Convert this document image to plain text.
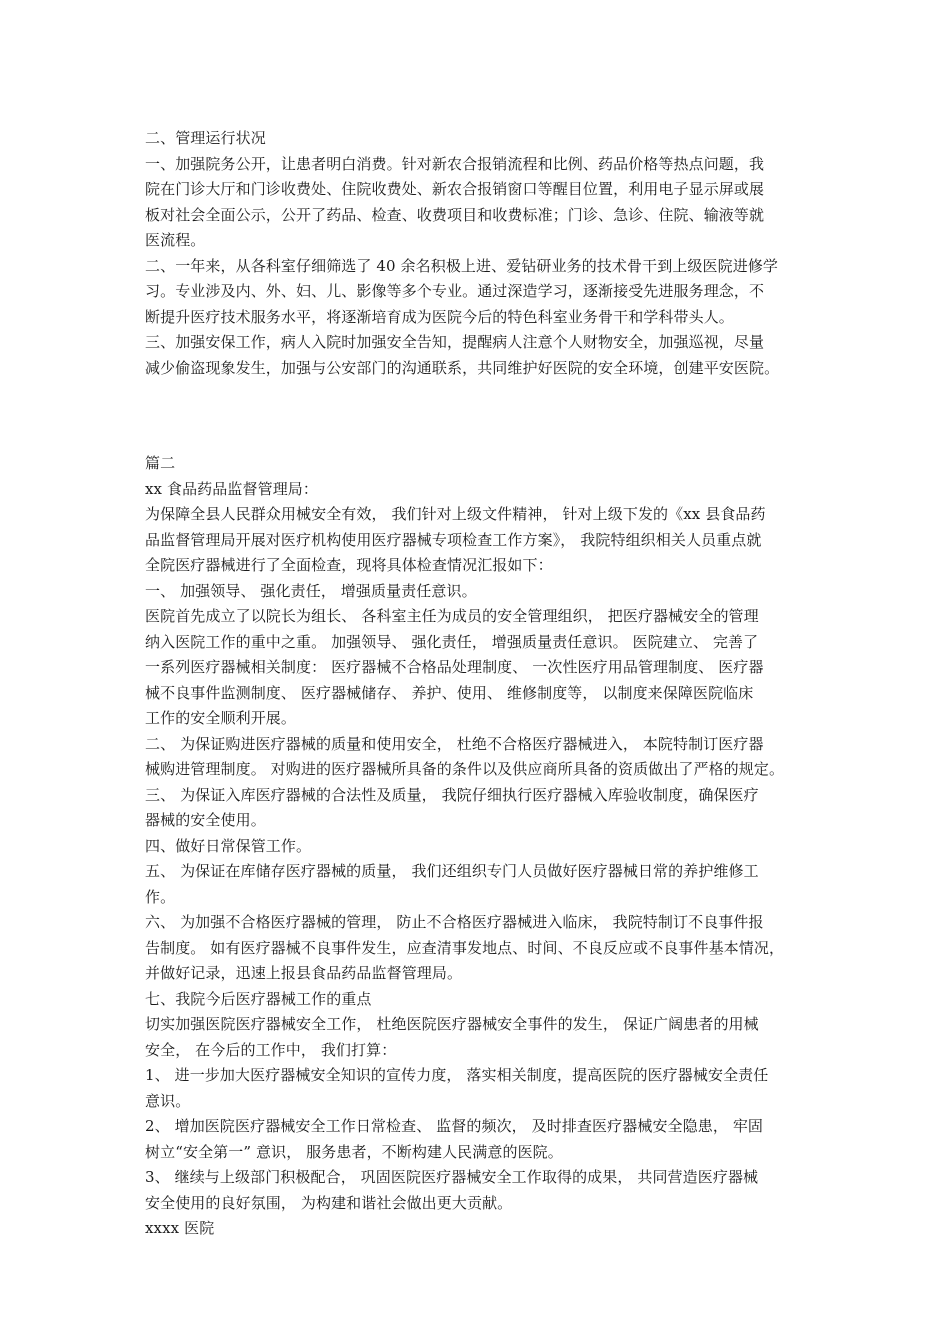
二、管理运行状况
一、加强院务公开，让患者明白消费。针对新农合报销流程和比例、药品价格等热点问题，我
院在门诊大厅和门诊收费处、住院收费处、新农合报销窗口等醒目位置，利用电子显示屏或展
板对社会全面公示，公开了药品、检查、收费项目和收费标准；门诊、急诊、住院、输液等就
医流程。
二、一年来，从各科室仔细筛选了 40 余名积极上进、爱钻研业务的技术骨干到上级医院进修学
习。专业涉及内、外、妇、儿、影像等多个专业。通过深造学习，逐渐接受先进服务理念，不
断提升医疗技术服务水平，将逐渐培育成为医院今后的特色科室业务骨干和学科带头人。
三、加强安保工作，病人入院时加强安全告知，提醒病人注意个人财物安全，加强巡视，尽量
减少偷盗现象发生，加强与公安部门的沟通联系，共同维护好医院的安全环境，创建平安医院。
篇二
xx 食品药品监督管理局：
为保障全县人民群众用械安全有效， 我们针对上级文件精神， 针对上级下发的《xx 县食品药
品监督管理局开展对医疗机构使用医疗器械专项检查工作方案》， 我院特组织相关人员重点就
全院医疗器械进行了全面检查，现将具体检查情况汇报如下：
一、 加强领导、 强化责任， 增强质量责任意识。
医院首先成立了以院长为组长、 各科室主任为成员的安全管理组织， 把医疗器械安全的管理
纳入医院工作的重中之重。 加强领导、 强化责任， 增强质量责任意识。 医院建立、 完善了
一系列医疗器械相关制度： 医疗器械不合格品处理制度、 一次性医疗用品管理制度、 医疗器
械不良事件监测制度、 医疗器械储存、 养护、使用、 维修制度等， 以制度来保障医院临床
工作的安全顺利开展。
二、 为保证购进医疗器械的质量和使用安全， 杜绝不合格医疗器械进入， 本院特制订医疗器
械购进管理制度。 对购进的医疗器械所具备的条件以及供应商所具备的资质做出了严格的规定。
三、 为保证入库医疗器械的合法性及质量， 我院仔细执行医疗器械入库验收制度，确保医疗
器械的安全使用。
四、做好日常保管工作。
五、 为保证在库储存医疗器械的质量， 我们还组织专门人员做好医疗器械日常的养护维修工
作。
六、 为加强不合格医疗器械的管理， 防止不合格医疗器械进入临床， 我院特制订不良事件报
告制度。 如有医疗器械不良事件发生，应查清事发地点、时间、不良反应或不良事件基本情况，
并做好记录，迅速上报县食品药品监督管理局。
七、我院今后医疗器械工作的重点
切实加强医院医疗器械安全工作， 杜绝医院医疗器械安全事件的发生， 保证广阔患者的用械
安全， 在今后的工作中， 我们打算：
1、 进一步加大医疗器械安全知识的宣传力度， 落实相关制度，提高医院的医疗器械安全责任
意识。
2、 增加医院医疗器械安全工作日常检查、 监督的频次， 及时排查医疗器械安全隐患， 牢固
树立“安全第一” 意识， 服务患者，不断构建人民满意的医院。
3、 继续与上级部门积极配合， 巩固医院医疗器械安全工作取得的成果， 共同营造医疗器械
安全使用的良好氛围， 为构建和谐社会做出更大贡献。
xxxx 医院
